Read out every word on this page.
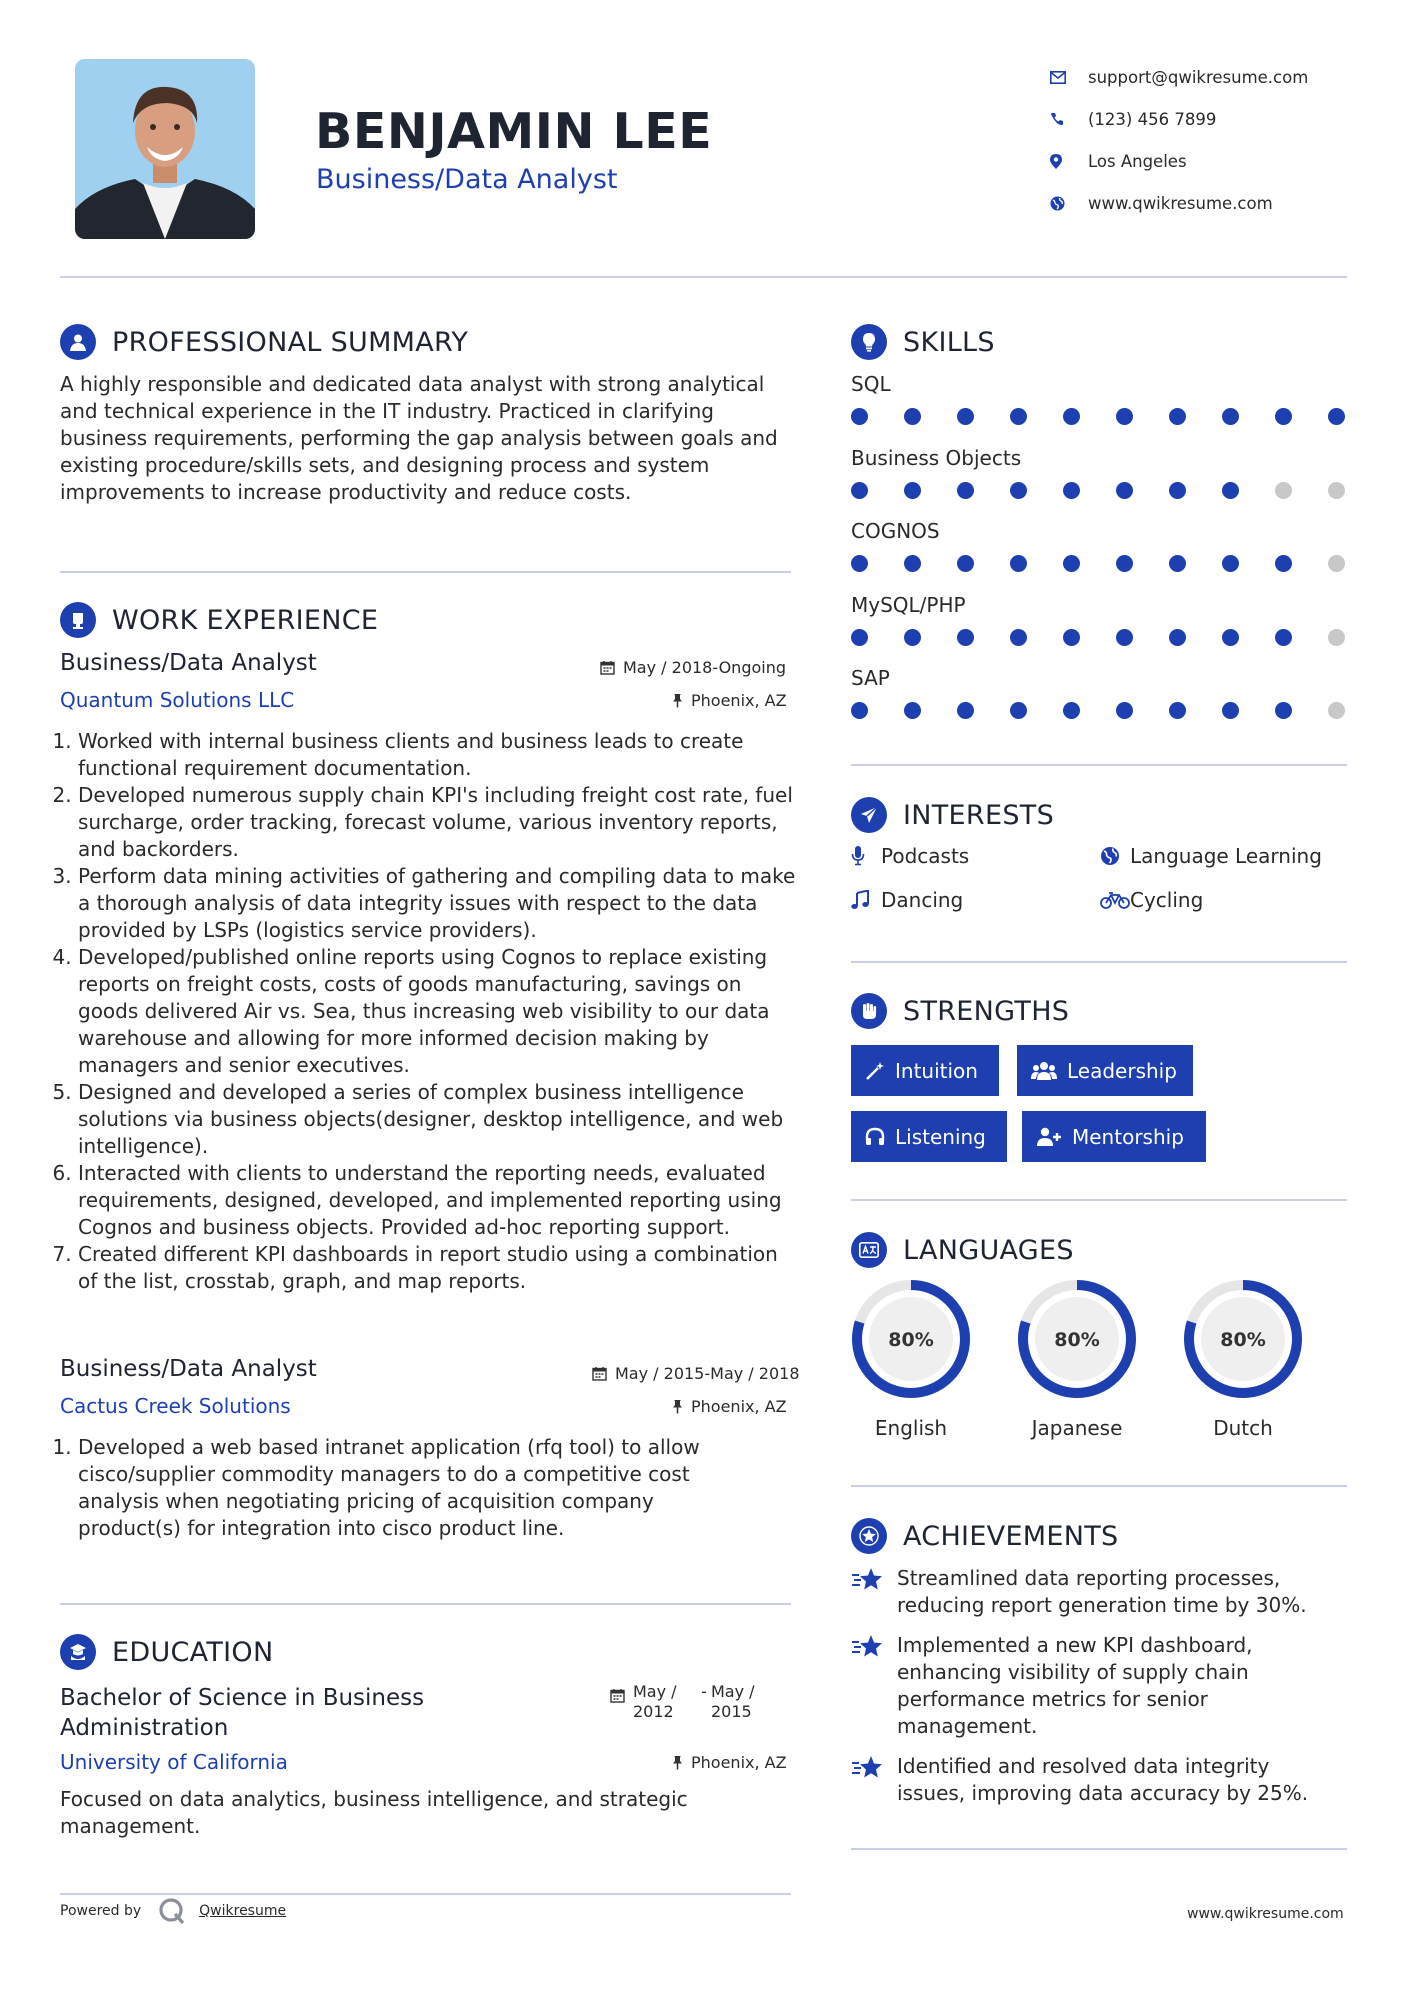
BENJAMIN LEE
Business/Data Analyst
support@qwikresume.com
(123) 456 7899
Los Angeles
www.qwikresume.com
PROFESSIONAL SUMMARY
A highly responsible and dedicated data analyst with strong analytical and technical experience in the IT industry. Practiced in clarifying business requirements, performing the gap analysis between goals and existing procedure/skills sets, and designing process and system improvements to increase productivity and reduce costs.
WORK EXPERIENCE
Business/Data Analyst	May / 2018-Ongoing
Quantum Solutions LLC	Phoenix, AZ
1. Worked with internal business clients and business leads to create functional requirement documentation.
2. Developed numerous supply chain KPI's including freight cost rate, fuel surcharge, order tracking, forecast volume, various inventory reports, and backorders.
3. Perform data mining activities of gathering and compiling data to make a thorough analysis of data integrity issues with respect to the data provided by LSPs (logistics service providers).
4. Developed/published online reports using Cognos to replace existing reports on freight costs, costs of goods manufacturing, savings on goods delivered Air vs. Sea, thus increasing web visibility to our data warehouse and allowing for more informed decision making by managers and senior executives.
5. Designed and developed a series of complex business intelligence solutions via business objects(designer, desktop intelligence, and web intelligence).
6. Interacted with clients to understand the reporting needs, evaluated requirements, designed, developed, and implemented reporting using Cognos and business objects. Provided ad-hoc reporting support.
7. Created different KPI dashboards in report studio using a combination of the list, crosstab, graph, and map reports.
Business/Data Analyst	May / 2015-May / 2018
Cactus Creek Solutions	Phoenix, AZ
1. Developed a web based intranet application (rfq tool) to allow cisco/supplier commodity managers to do a competitive cost analysis when negotiating pricing of acquisition company product(s) for integration into cisco product line.
EDUCATION
Bachelor of Science in Business Administration
May / 2012
- May / 2015
University of California	Phoenix, AZ
Focused on data analytics, business intelligence, and strategic management.
SKILLS
SQL
Business Objects
COGNOS
MySQL/PHP
SAP
INTERESTS
Podcasts	Language Learning
Dancing	Cycling
STRENGTHS
Intuition	Leadership
Listening	Mentorship
LANGUAGES
80%
English
80%
Japanese
80%
Dutch
ACHIEVEMENTS
Streamlined data reporting processes, reducing report generation time by 30%.
Implemented a new KPI dashboard, enhancing visibility of supply chain performance metrics for senior management.
Identified and resolved data integrity issues, improving data accuracy by 25%.
Powered by	Qwikresume	www.qwikresume.com
